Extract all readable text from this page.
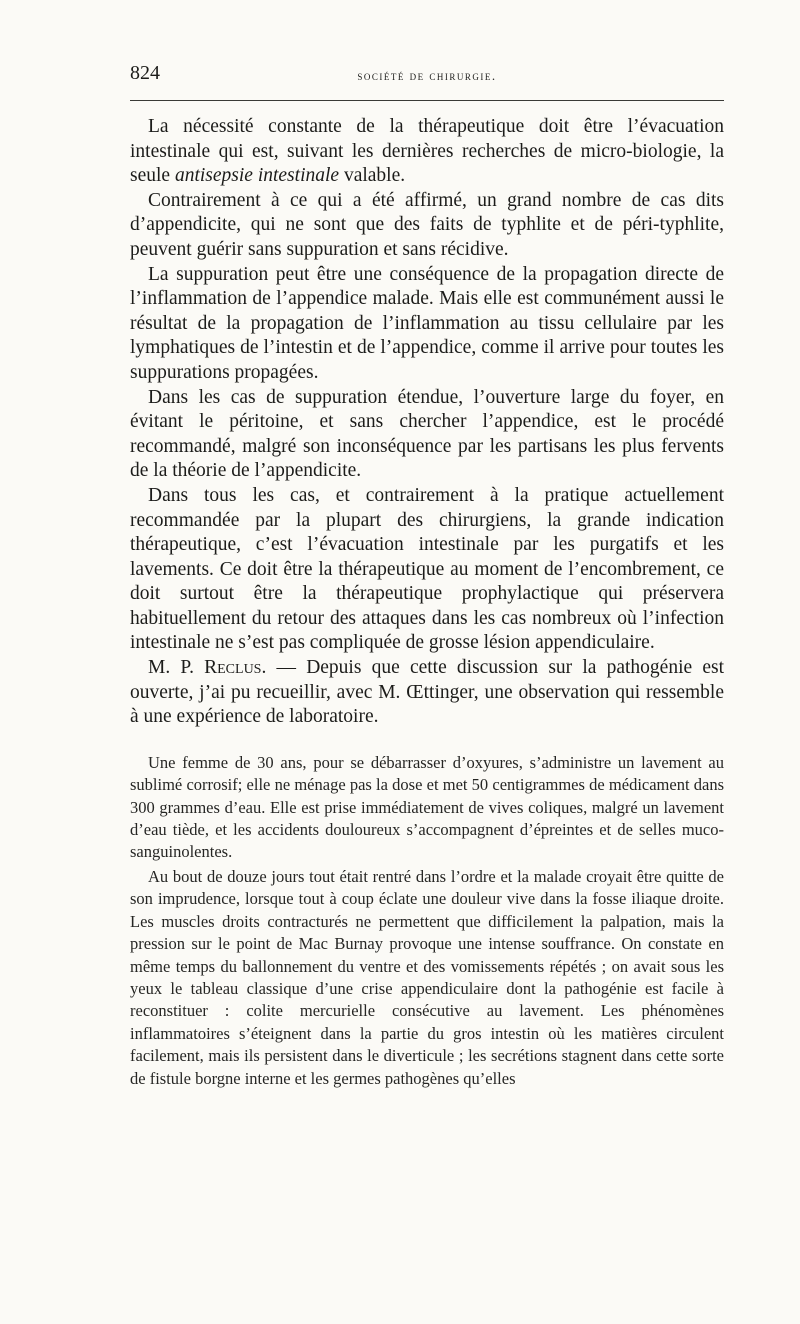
824	société de chirurgie.

La nécessité constante de la thérapeutique doit être l’évacuation intestinale qui est, suivant les dernières recherches de micro-biologie, la seule antisepsie intestinale valable.

Contrairement à ce qui a été affirmé, un grand nombre de cas dits d’appendicite, qui ne sont que des faits de typhlite et de péri-typhlite, peuvent guérir sans suppuration et sans récidive.

La suppuration peut être une conséquence de la propagation directe de l’inflammation de l’appendice malade. Mais elle est communément aussi le résultat de la propagation de l’inflammation au tissu cellulaire par les lymphatiques de l’intestin et de l’appendice, comme il arrive pour toutes les suppurations propagées.

Dans les cas de suppuration étendue, l’ouverture large du foyer, en évitant le péritoine, et sans chercher l’appendice, est le procédé recommandé, malgré son inconséquence par les partisans les plus fervents de la théorie de l’appendicite.

Dans tous les cas, et contrairement à la pratique actuellement recommandée par la plupart des chirurgiens, la grande indication thérapeutique, c’est l’évacuation intestinale par les purgatifs et les lavements. Ce doit être la thérapeutique au moment de l’encombrement, ce doit surtout être la thérapeutique prophylactique qui préservera habituellement du retour des attaques dans les cas nombreux où l’infection intestinale ne s’est pas compliquée de grosse lésion appendiculaire.

M. P. Reclus. — Depuis que cette discussion sur la pathogénie est ouverte, j’ai pu recueillir, avec M. Œttinger, une observation qui ressemble à une expérience de laboratoire.

Une femme de 30 ans, pour se débarrasser d’oxyures, s’administre un lavement au sublimé corrosif; elle ne ménage pas la dose et met 50 centigrammes de médicament dans 300 grammes d’eau. Elle est prise immédiatement de vives coliques, malgré un lavement d’eau tiède, et les accidents douloureux s’accompagnent d’épreintes et de selles muco-sanguinolentes.

Au bout de douze jours tout était rentré dans l’ordre et la malade croyait être quitte de son imprudence, lorsque tout à coup éclate une douleur vive dans la fosse iliaque droite. Les muscles droits contracturés ne permettent que difficilement la palpation, mais la pression sur le point de Mac Burnay provoque une intense souffrance. On constate en même temps du ballonnement du ventre et des vomissements répétés ; on avait sous les yeux le tableau classique d’une crise appendiculaire dont la pathogénie est facile à reconstituer : colite mercurielle consécutive au lavement. Les phénomènes inflammatoires s’éteignent dans la partie du gros intestin où les matières circulent facilement, mais ils persistent dans le diverticule ; les secrétions stagnent dans cette sorte de fistule borgne interne et les germes pathogènes qu’elles
